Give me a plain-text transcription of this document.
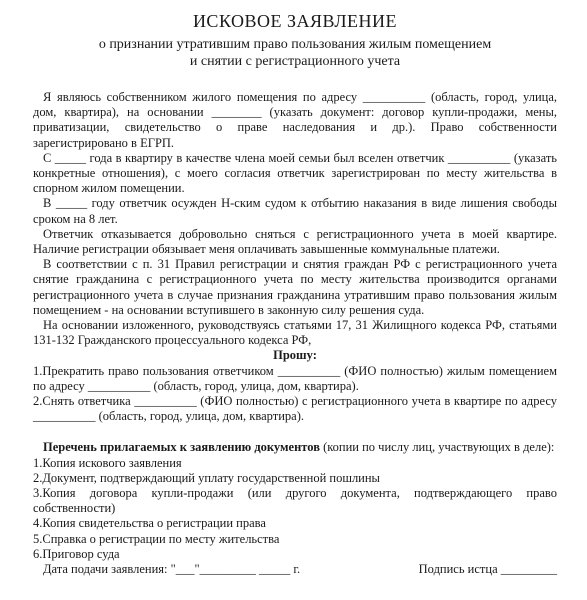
ИСКОВОЕ ЗАЯВЛЕНИЕ
о признании утратившим право пользования жилым помещением
и снятии с регистрационного учета

Я являюсь собственником жилого помещения по адресу __________ (область, город, улица, дом, квартира), на основании ________ (указать документ: договор купли-продажи, мены, приватизации, свидетельство о праве наследования и др.). Право собственности зарегистрировано в ЕГРП.

С _____ года в квартиру в качестве члена моей семьи был вселен ответчик __________ (указать конкретные отношения), с моего согласия ответчик зарегистрирован по месту жительства в спорном жилом помещении.

В _____ году ответчик осужден Н-ским судом к отбытию наказания в виде лишения свободы сроком на 8 лет.

Ответчик отказывается добровольно сняться с регистрационного учета в моей квартире. Наличие регистрации обязывает меня оплачивать завышенные коммунальные платежи.

В соответствии с п. 31 Правил регистрации и снятия граждан РФ с регистрационного учета снятие гражданина с регистрационного учета по месту жительства производится органами регистрационного учета в случае признания гражданина утратившим право пользования жилым помещением - на основании вступившего в законную силу решения суда.

На основании изложенного, руководствуясь статьями 17, 31 Жилищного кодекса РФ, статьями 131-132 Гражданского процессуального кодекса РФ,

Прошу:

1.Прекратить право пользования ответчиком __________ (ФИО полностью) жилым помещением по адресу __________ (область, город, улица, дом, квартира).

2.Снять ответчика __________ (ФИО полностью) с регистрационного учета в квартире по адресу __________ (область, город, улица, дом, квартира).

Перечень прилагаемых к заявлению документов (копии по числу лиц, участвующих в деле):

1.Копия искового заявления

2.Документ, подтверждающий уплату государственной пошлины

3.Копия договора купли-продажи (или другого документа, подтверждающего право собственности)

4.Копия свидетельства о регистрации права

5.Справка о регистрации по месту жительства

6.Приговор суда

Дата подачи заявления: "___"_________ _____ г.	Подпись истца _________
